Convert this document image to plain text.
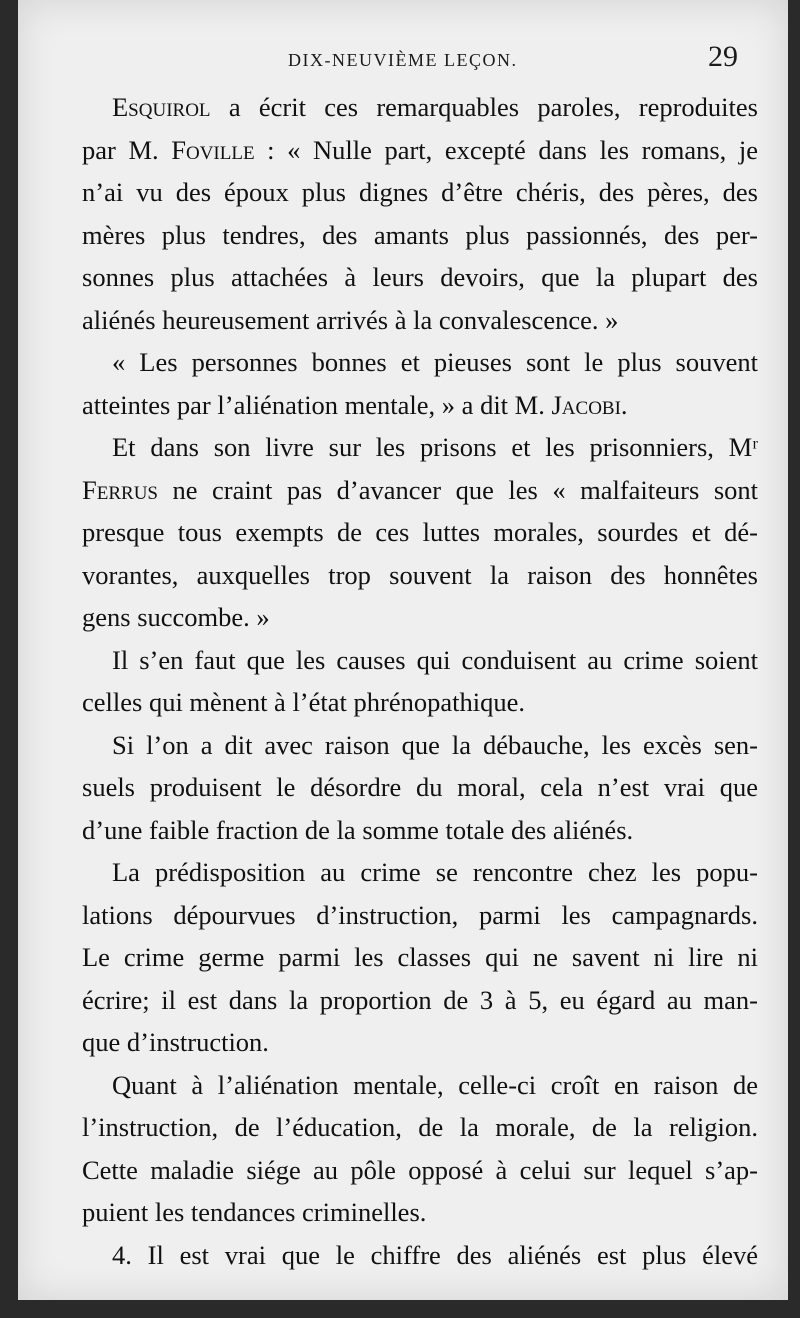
DIX-NEUVIÈME LEÇON.	29
Esquirol a écrit ces remarquables paroles, reproduites
par M. Foville : « Nulle part, excepté dans les romans, je
n’ai vu des époux plus dignes d’être chéris, des pères, des
mères plus tendres, des amants plus passionnés, des per-
sonnes plus attachées à leurs devoirs, que la plupart des
aliénés heureusement arrivés à la convalescence. »
« Les personnes bonnes et pieuses sont le plus souvent
atteintes par l’aliénation mentale, » a dit M. Jacobi.
Et dans son livre sur les prisons et les prisonniers, Mʳ
Ferrus ne craint pas d’avancer que les « malfaiteurs sont
presque tous exempts de ces luttes morales, sourdes et dé-
vorantes, auxquelles trop souvent la raison des honnêtes
gens succombe. »
Il s’en faut que les causes qui conduisent au crime soient
celles qui mènent à l’état phrénopathique.
Si l’on a dit avec raison que la débauche, les excès sen-
suels produisent le désordre du moral, cela n’est vrai que
d’une faible fraction de la somme totale des aliénés.
La prédisposition au crime se rencontre chez les popu-
lations dépourvues d’instruction, parmi les campagnards.
Le crime germe parmi les classes qui ne savent ni lire ni
écrire; il est dans la proportion de 3 à 5, eu égard au man-
que d’instruction.
Quant à l’aliénation mentale, celle-ci croît en raison de
l’instruction, de l’éducation, de la morale, de la religion.
Cette maladie siége au pôle opposé à celui sur lequel s’ap-
puient les tendances criminelles.
4. Il est vrai que le chiffre des aliénés est plus élevé
